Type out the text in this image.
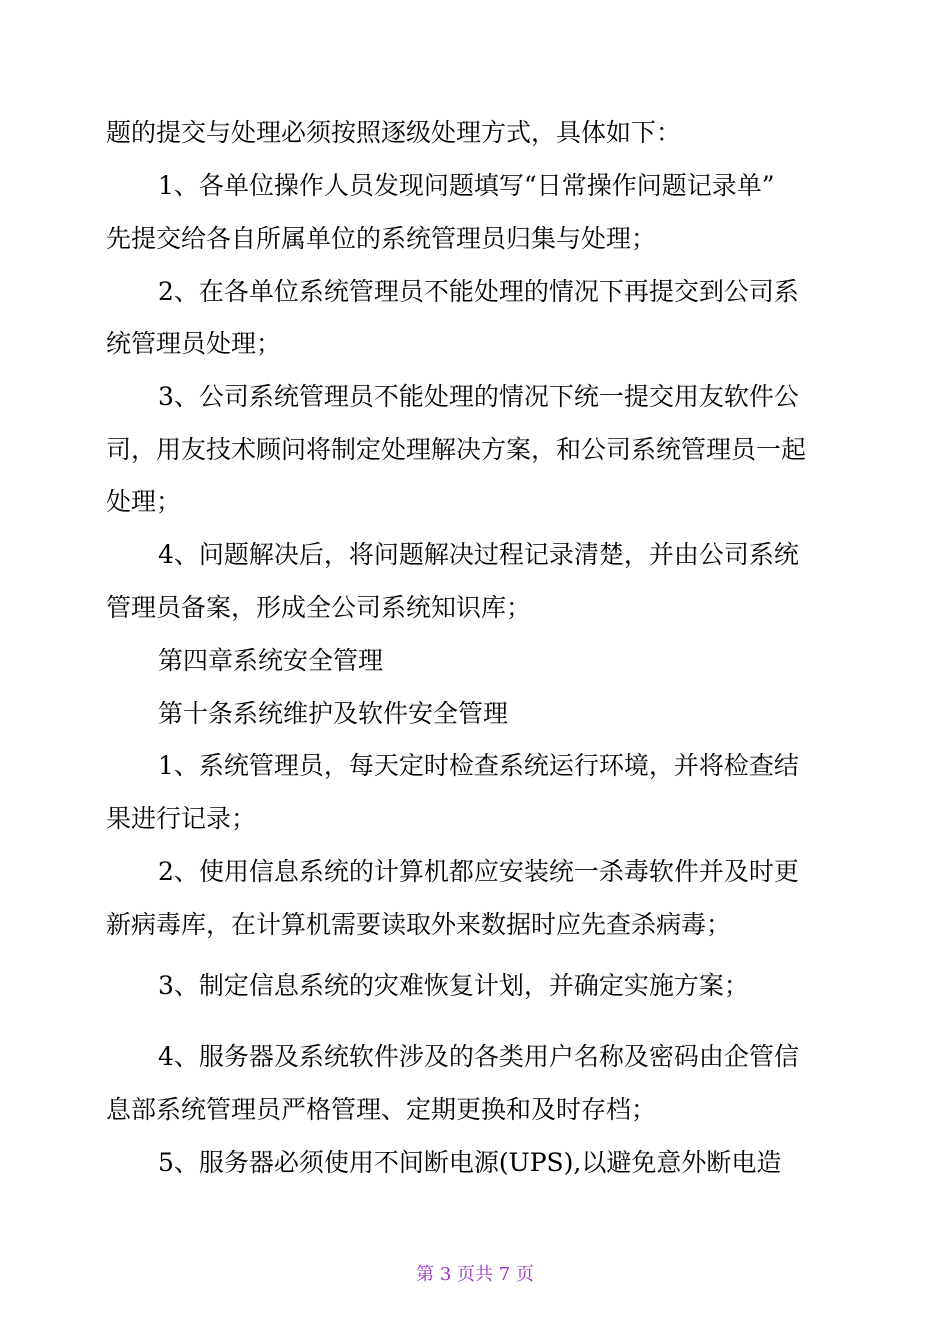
题的提交与处理必须按照逐级处理方式，具体如下：
1、各单位操作人员发现问题填写“日常操作问题记录单”
先提交给各自所属单位的系统管理员归集与处理；
2、在各单位系统管理员不能处理的情况下再提交到公司系
统管理员处理；
3、公司系统管理员不能处理的情况下统一提交用友软件公
司，用友技术顾问将制定处理解决方案，和公司系统管理员一起
处理；
4、问题解决后，将问题解决过程记录清楚，并由公司系统
管理员备案，形成全公司系统知识库；
第四章系统安全管理
第十条系统维护及软件安全管理
1、系统管理员，每天定时检查系统运行环境，并将检查结
果进行记录；
2、使用信息系统的计算机都应安装统一杀毒软件并及时更
新病毒库，在计算机需要读取外来数据时应先查杀病毒；
3、制定信息系统的灾难恢复计划，并确定实施方案；
4、服务器及系统软件涉及的各类用户名称及密码由企管信
息部系统管理员严格管理、定期更换和及时存档；
5、服务器必须使用不间断电源(UPS),以避免意外断电造
第 3 页共 7 页
